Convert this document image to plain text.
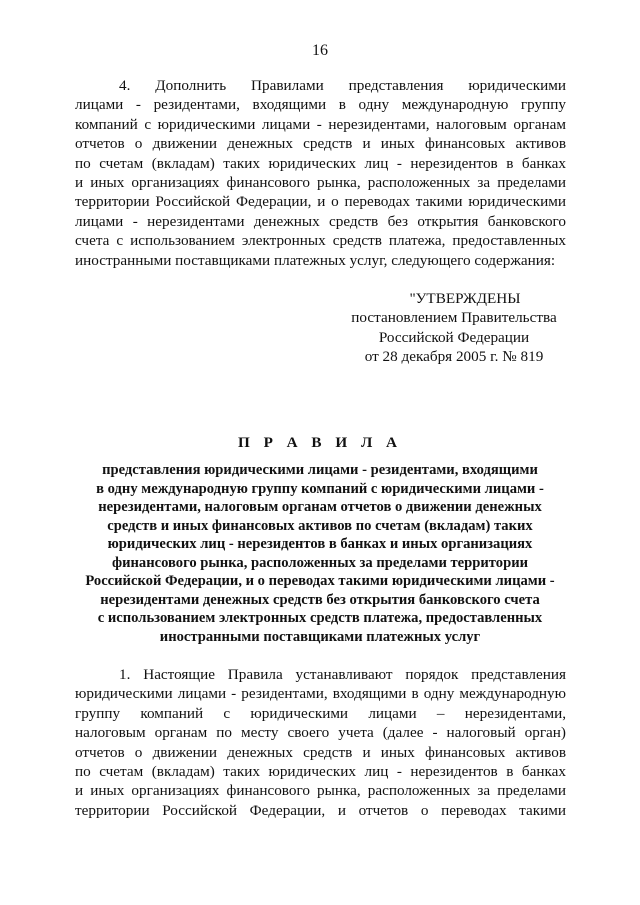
16
4. Дополнить Правилами представления юридическими
лицами - резидентами, входящими в одну международную группу
компаний с юридическими лицами - нерезидентами, налоговым органам
отчетов о движении денежных средств и иных финансовых активов
по счетам (вкладам) таких юридических лиц - нерезидентов в банках
и иных организациях финансового рынка, расположенных за пределами
территории Российской Федерации, и о переводах такими юридическими
лицами - нерезидентами денежных средств без открытия банковского
счета с использованием электронных средств платежа, предоставленных
иностранными поставщиками платежных услуг, следующего содержания:
"УТВЕРЖДЕНЫ
постановлением Правительства
Российской Федерации
от 28 декабря 2005 г. № 819
П Р А В И Л А
представления юридическими лицами - резидентами, входящими
в одну международную группу компаний с юридическими лицами -
нерезидентами, налоговым органам отчетов о движении денежных
средств и иных финансовых активов по счетам (вкладам) таких
юридических лиц - нерезидентов в банках и иных организациях
финансового рынка, расположенных за пределами территории
Российской Федерации, и о переводах такими юридическими лицами -
нерезидентами денежных средств без открытия банковского счета
с использованием электронных средств платежа, предоставленных
иностранными поставщиками платежных услуг
1. Настоящие Правила устанавливают порядок представления
юридическими лицами - резидентами, входящими в одну международную
группу компаний с юридическими лицами – нерезидентами,
налоговым органам по месту своего учета (далее - налоговый орган)
отчетов о движении денежных средств и иных финансовых активов
по счетам (вкладам) таких юридических лиц - нерезидентов в банках
и иных организациях финансового рынка, расположенных за пределами
территории Российской Федерации, и отчетов о переводах такими
